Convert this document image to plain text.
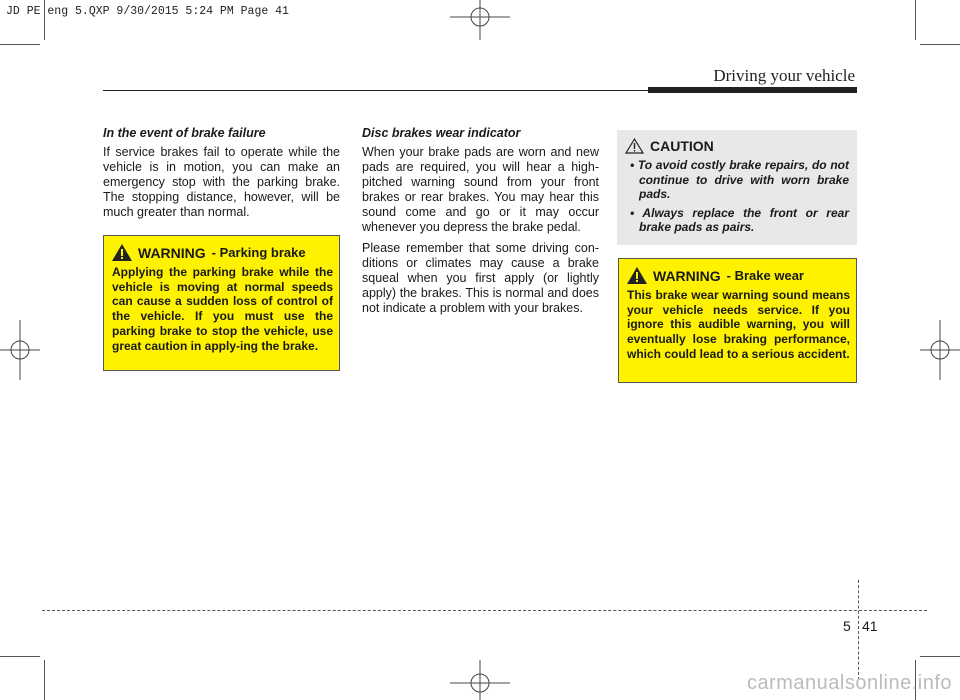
JD PE eng 5.QXP 9/30/2015 5:24 PM Page 41
Driving your vehicle
In the event of brake failure

If service brakes fail to operate while the vehicle is in motion, you can make an emergency stop with the parking brake. The stopping distance, however, will be much greater than normal.

WARNING - Parking brake

Applying the parking brake while the vehicle is moving at normal speeds can cause a sudden loss of control of the vehicle. If you must use the parking brake to stop the vehicle, use great caution in apply-ing the brake.

Disc brakes wear indicator

When your brake pads are worn and new pads are required, you will hear a high-pitched warning sound from your front brakes or rear brakes. You may hear this sound come and go or it may occur whenever you depress the brake pedal.

Please remember that some driving con-ditions or climates may cause a brake squeal when you first apply (or lightly apply) the brakes. This is normal and does not indicate a problem with your brakes.

CAUTION
• To avoid costly brake repairs, do not continue to drive with worn brake pads.
• Always replace the front or rear brake pads as pairs.
WARNING - Brake wear

This brake wear warning sound means your vehicle needs service. If you ignore this audible warning, you will eventually lose braking performance, which could lead to a serious accident.

5 41
carmanualsonline.info
